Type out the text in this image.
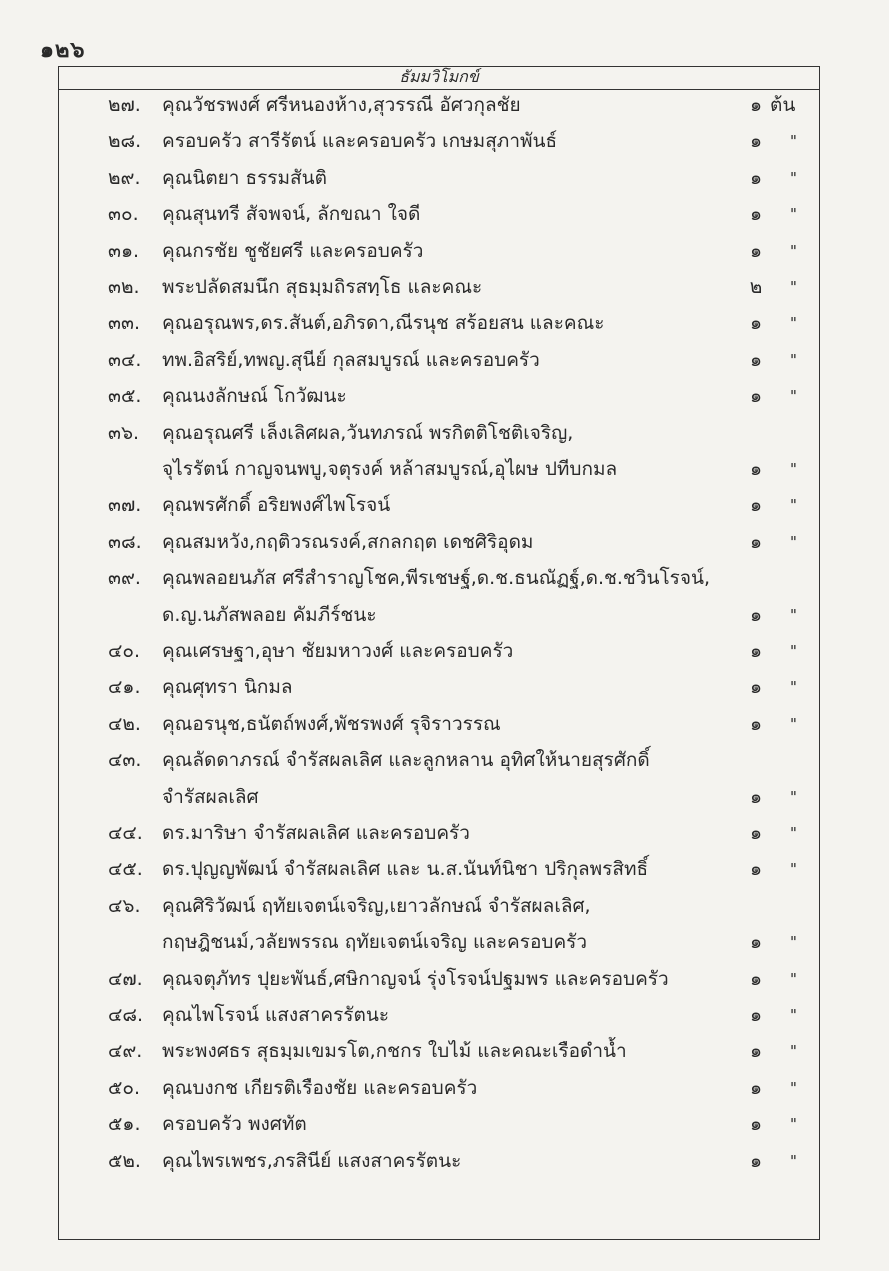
๑๒๖
ธัมมวิโมกข์
๒๗. คุณวัชรพงศ์ ศรีหนองห้าง,สุวรรณี อัศวกุลชัย	๑ ต้น
๒๘. ครอบครัว สารีรัตน์ และครอบครัว เกษมสุภาพันธ์	๑	"
๒๙. คุณนิตยา ธรรมสันติ	๑	"
๓๐. คุณสุนทรี สัจพจน์, ลักขณา ใจดี	๑	"
๓๑. คุณกรชัย ชูชัยศรี และครอบครัว	๑	"
๓๒. พระปลัดสมนึก สุธมฺมถิรสทฺโธ และคณะ	๒	"
๓๓. คุณอรุณพร,ดร.สันต์,อภิรดา,ณีรนุช สร้อยสน และคณะ	๑	"
๓๔. ทพ.อิสริย์,ทพญ.สุนีย์ กุลสมบูรณ์ และครอบครัว	๑	"
๓๕. คุณนงลักษณ์ โกวัฒนะ	๑	"
๓๖. คุณอรุณศรี เล็งเลิศผล,วันทภรณ์ พรกิตติโชติเจริญ,
จุไรรัตน์ กาญจนพบู,จตุรงค์ หล้าสมบูรณ์,อุไผษ ปทีบกมล	๑	"
๓๗. คุณพรศักดิ์ อริยพงศ์ไพโรจน์	๑	"
๓๘. คุณสมหวัง,กฤติวรณรงค์,สกลกฤต เดชศิริอุดม	๑	"
๓๙. คุณพลอยนภัส ศรีสำราญโชค,พีรเชษฐ์,ด.ช.ธนณัฏฐ์,ด.ช.ชวินโรจน์,
ด.ญ.นภัสพลอย คัมภีร์ชนะ	๑	"
๔๐. คุณเศรษฐา,อุษา ชัยมหาวงศ์ และครอบครัว	๑	"
๔๑. คุณศุทรา นิกมล	๑	"
๔๒. คุณอรนุช,ธนัตถ์พงศ์,พัชรพงศ์ รุจิราวรรณ	๑	"
๔๓. คุณลัดดาภรณ์ จำรัสผลเลิศ และลูกหลาน อุทิศให้นายสุรศักดิ์
จำรัสผลเลิศ	๑	"
๔๔. ดร.มาริษา จำรัสผลเลิศ และครอบครัว	๑	"
๔๕. ดร.ปุญญพัฒน์ จำรัสผลเลิศ และ น.ส.นันท์นิชา ปริกุลพรสิทธิ์	๑	"
๔๖. คุณศิริวัฒน์ ฤทัยเจตน์เจริญ,เยาวลักษณ์ จำรัสผลเลิศ,
กฤษฎิชนม์,วลัยพรรณ ฤทัยเจตน์เจริญ และครอบครัว	๑	"
๔๗. คุณจตุภัทร ปุยะพันธ์,ศษิกาญจน์ รุ่งโรจน์ปฐมพร และครอบครัว	๑	"
๔๘. คุณไพโรจน์ แสงสาครรัตนะ	๑	"
๔๙. พระพงศธร สุธมฺมเขมรโต,กชกร ใบไม้ และคณะเรือดำน้ำ	๑	"
๕๐. คุณบงกช เกียรติเรืองชัย และครอบครัว	๑	"
๕๑. ครอบครัว พงศทัต	๑	"
๕๒. คุณไพรเพชร,ภรสินีย์ แสงสาครรัตนะ	๑	"
